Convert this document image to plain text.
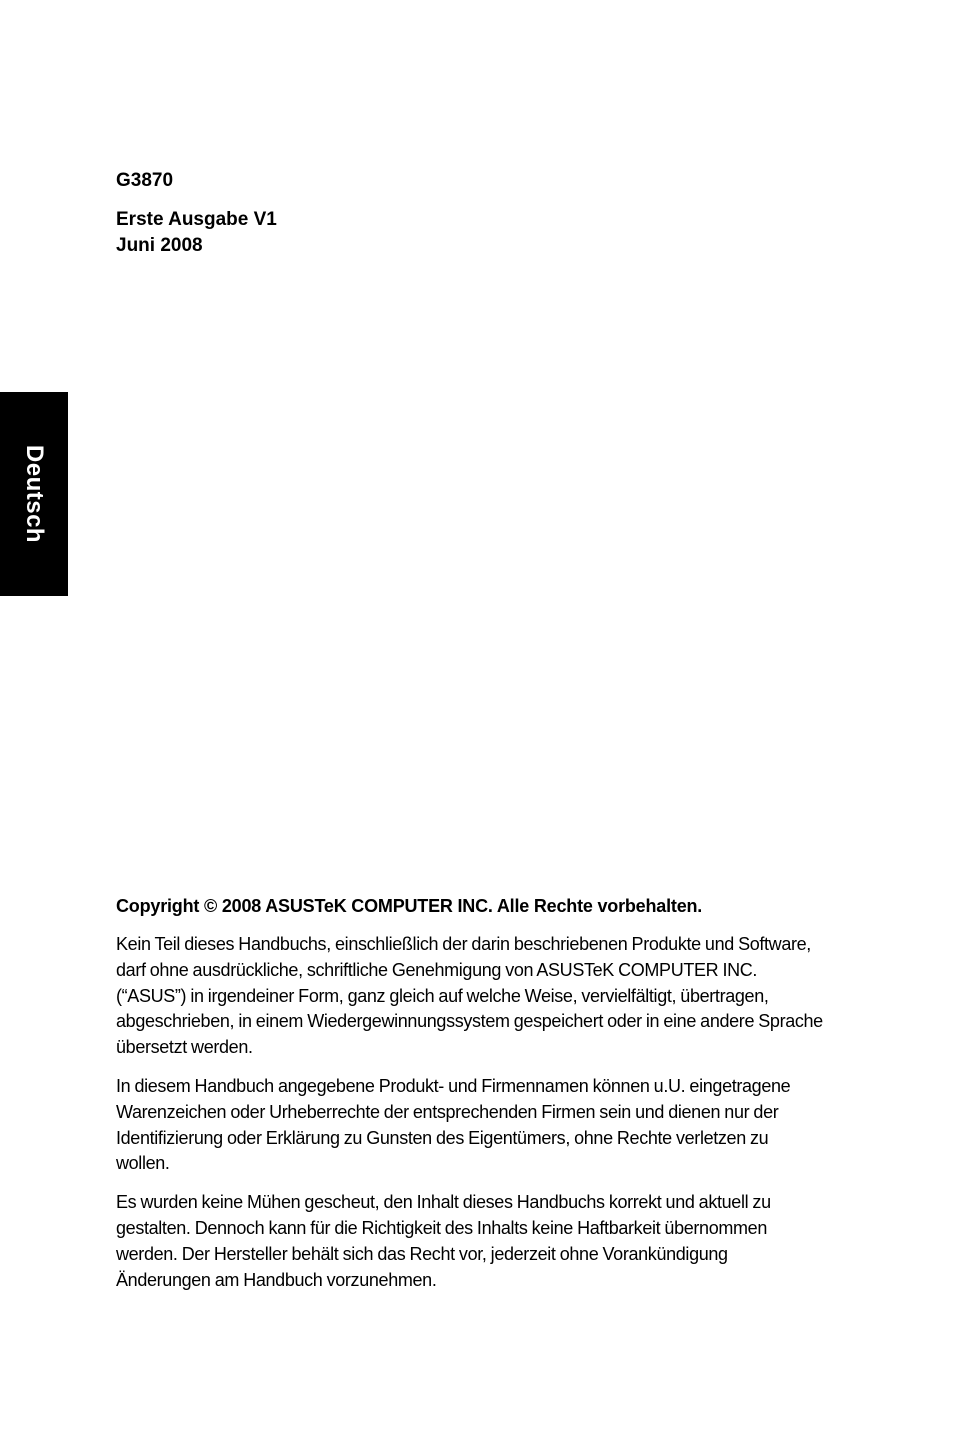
Deutsch
G3870
Erste Ausgabe V1
Juni 2008

Copyright © 2008 ASUSTeK COMPUTER INC. Alle Rechte vorbehalten.

Kein Teil dieses Handbuchs, einschließlich der darin beschriebenen Produkte und Software, darf ohne ausdrückliche, schriftliche Genehmigung von ASUSTeK COMPUTER INC. (“ASUS”) in irgendeiner Form, ganz gleich auf welche Weise, vervielfältigt, übertragen, abgeschrieben, in einem Wiedergewinnungssystem gespeichert oder in eine andere Sprache übersetzt werden.

In diesem Handbuch angegebene Produkt- und Firmennamen können u.U. eingetragene Warenzeichen oder Urheberrechte der entsprechenden Firmen sein und dienen nur der Identifizierung oder Erklärung zu Gunsten des Eigentümers, ohne Rechte verletzen zu wollen.

Es wurden keine Mühen gescheut, den Inhalt dieses Handbuchs korrekt und aktuell zu gestalten. Dennoch kann für die Richtigkeit des Inhalts keine Haftbarkeit übernommen werden. Der Hersteller behält sich das Recht vor, jederzeit ohne Vorankündigung Änderungen am Handbuch vorzunehmen.
